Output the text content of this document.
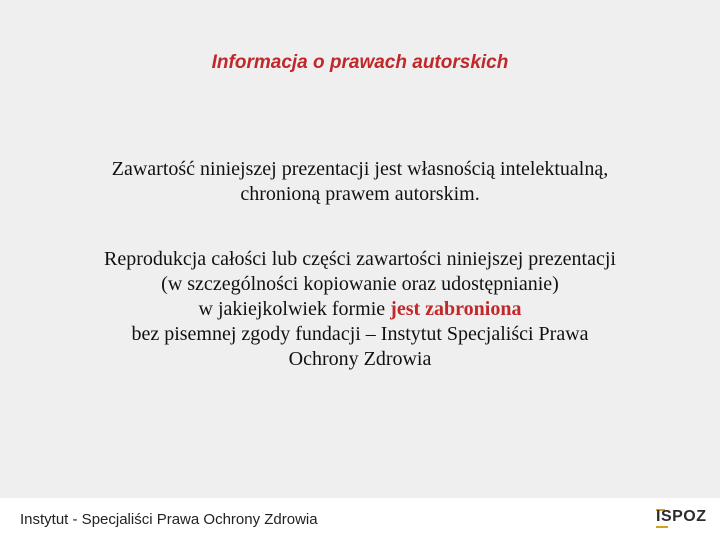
Informacja o prawach autorskich
Zawartość niniejszej prezentacji jest własnością intelektualną,
chronioną prawem autorskim.
Reprodukcja całości lub części zawartości niniejszej prezentacji
(w szczególności kopiowanie oraz udostępnianie)
w jakiejkolwiek formie jest zabroniona
bez pisemnej zgody fundacji – Instytut Specjaliści Prawa
Ochrony Zdrowia
Instytut - Specjaliści Prawa Ochrony Zdrowia	ISPOZ
